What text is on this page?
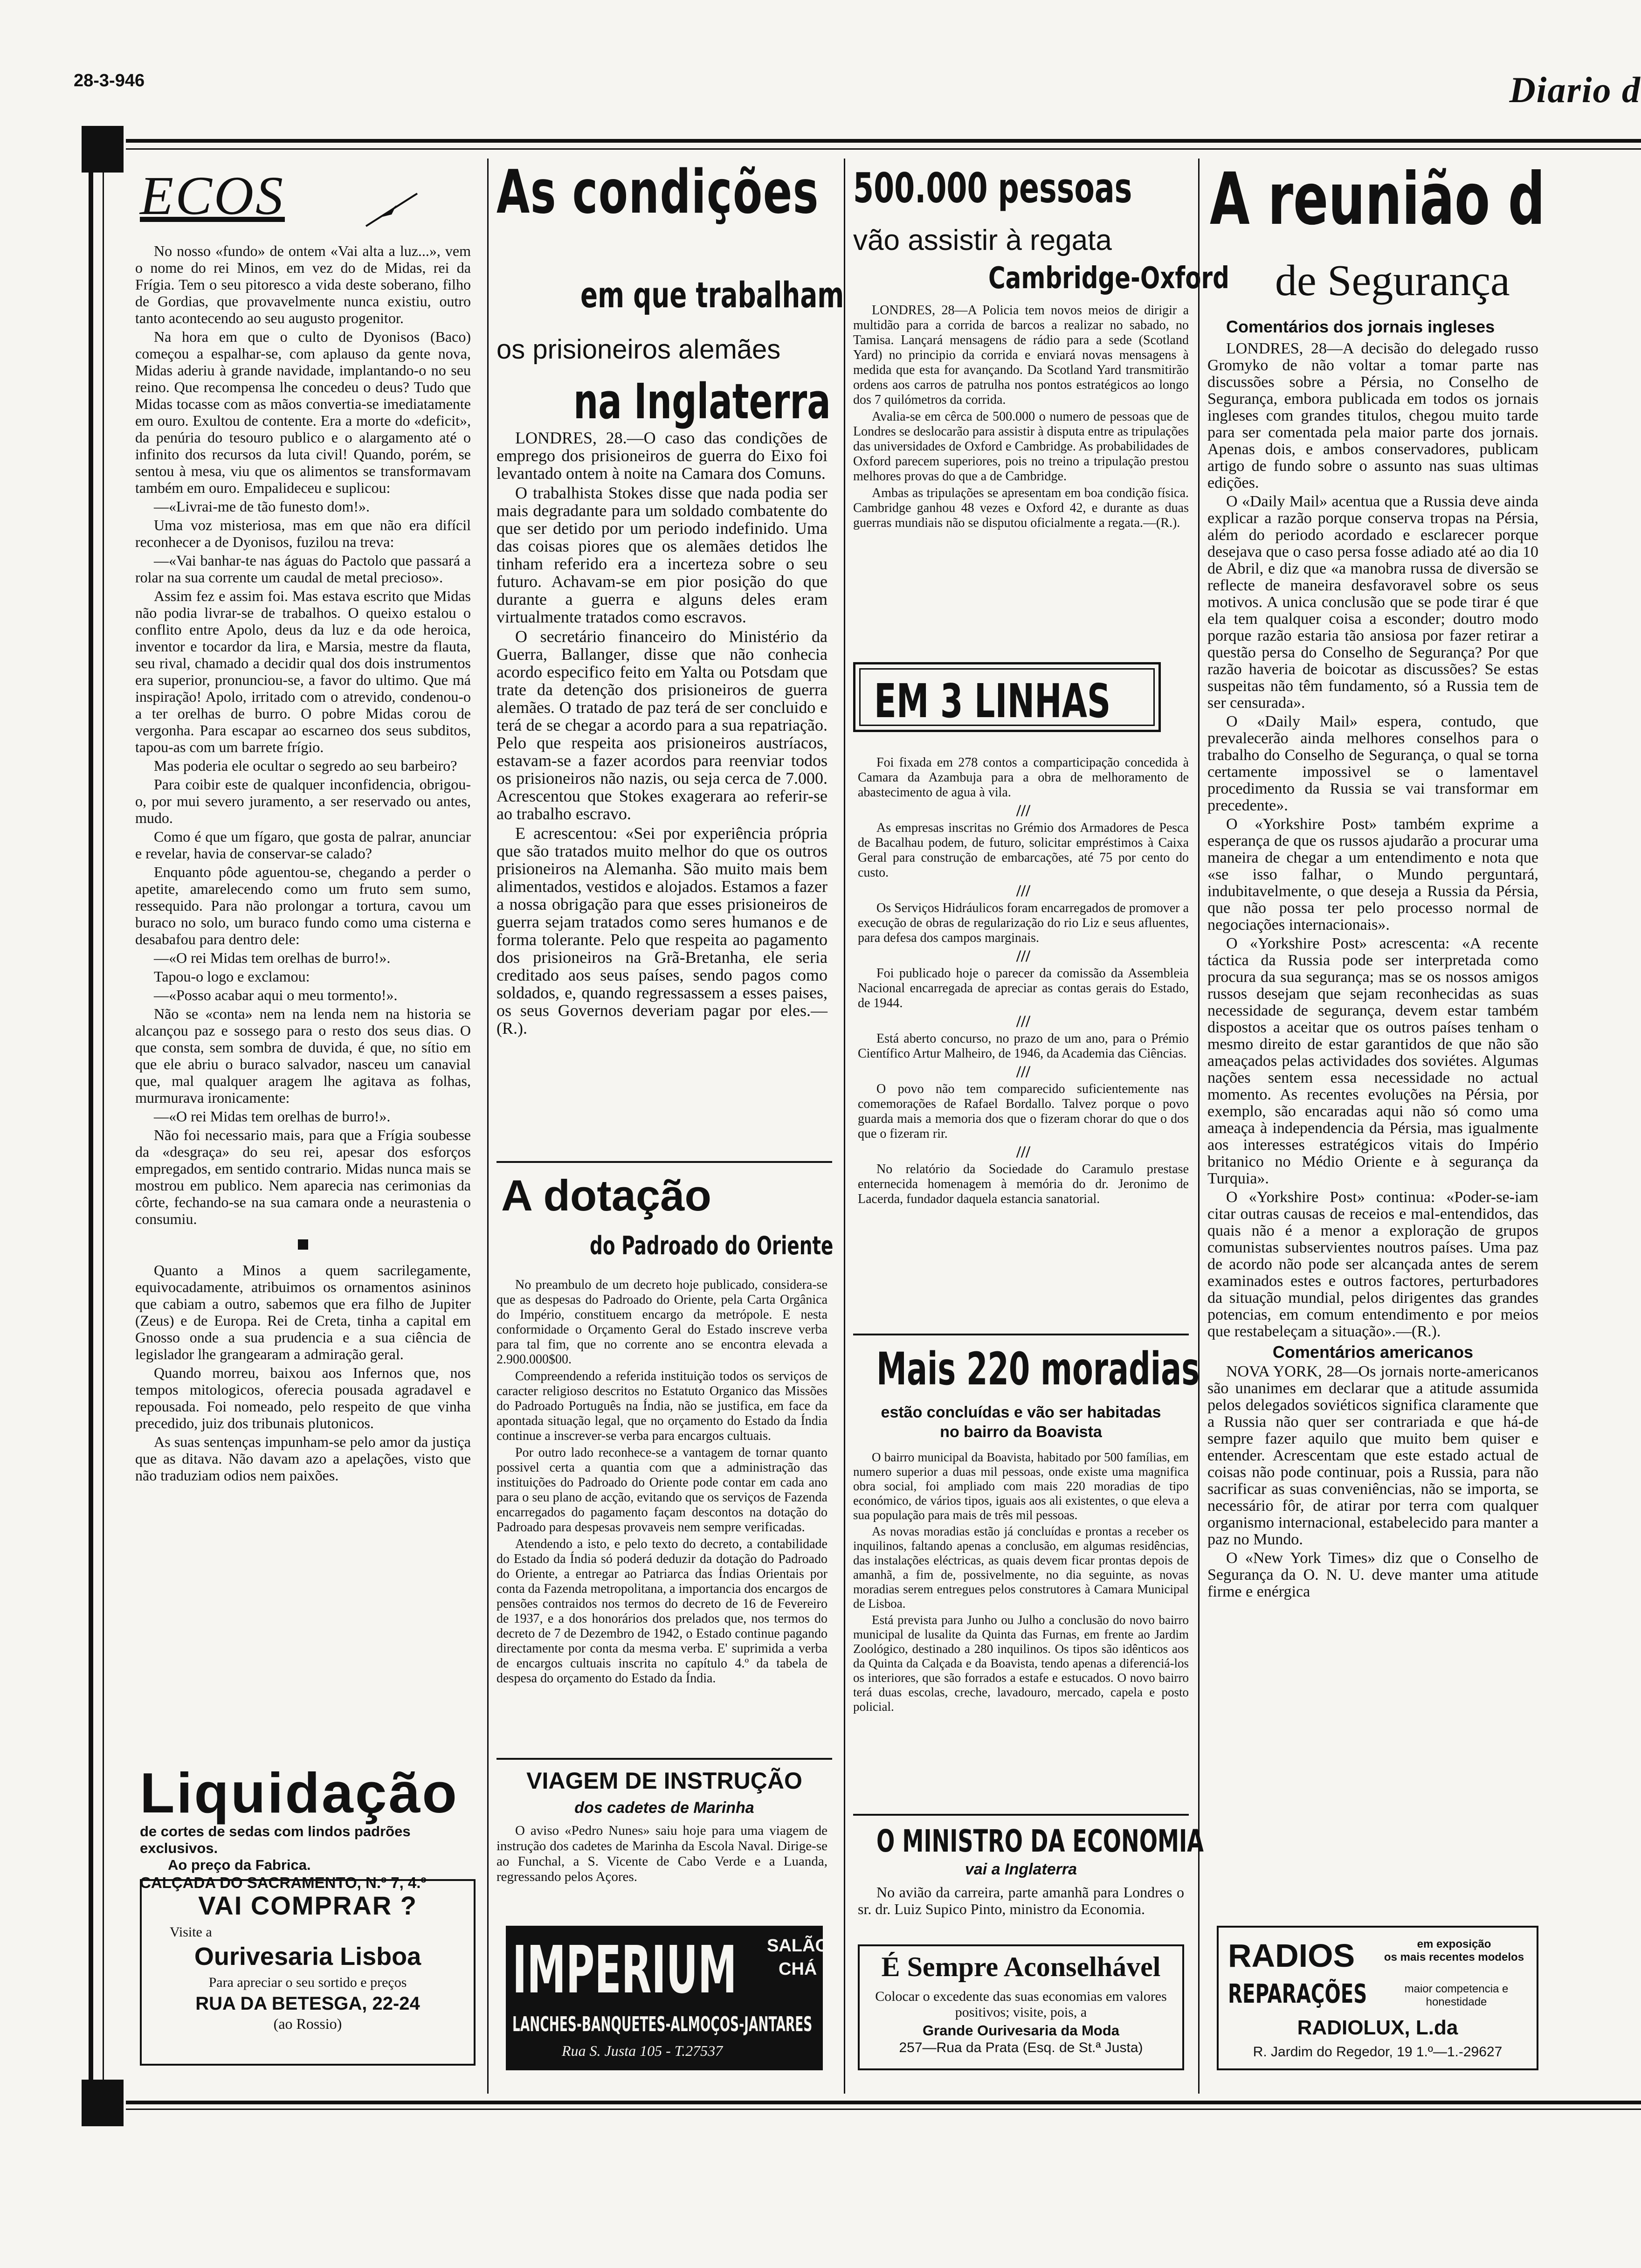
28-3-946	Diario d
ECOS

No nosso «fundo» de ontem «Vai alta a luz...», vem o nome do rei Minos, em vez do de Midas, rei da Frígia. Tem o seu pitoresco a vida deste soberano, filho de Gordias, que provavelmente nunca existiu, outro tanto acontecendo ao seu augusto progenitor.

Na hora em que o culto de Dyonisos (Baco) começou a espalhar-se, com aplauso da gente nova, Midas aderiu à grande navidade, implantando-o no seu reino. Que recompensa lhe concedeu o deus? Tudo que Midas tocasse com as mãos convertia-se imediatamente em ouro. Exultou de contente. Era a morte do «deficit», da penúria do tesouro publico e o alargamento até o infinito dos recursos da luta civil! Quando, porém, se sentou à mesa, viu que os alimentos se transformavam também em ouro. Empalideceu e suplicou:

—«Livrai-me de tão funesto dom!».

Uma voz misteriosa, mas em que não era difícil reconhecer a de Dyonisos, fuzilou na treva:

—«Vai banhar-te nas águas do Pactolo que passará a rolar na sua corrente um caudal de metal precioso».

Assim fez e assim foi. Mas estava escrito que Midas não podia livrar-se de trabalhos. O queixo estalou o conflito entre Apolo, deus da luz e da ode heroica, inventor e tocardor da lira, e Marsia, mestre da flauta, seu rival, chamado a decidir qual dos dois instrumentos era superior, pronunciou-se, a favor do ultimo. Que má inspiração! Apolo, irritado com o atrevido, condenou-o a ter orelhas de burro. O pobre Midas corou de vergonha. Para escapar ao escarneo dos seus subditos, tapou-as com um barrete frígio.

Mas poderia ele ocultar o segredo ao seu barbeiro?

Para coibir este de qualquer inconfidencia, obrigou-o, por mui severo juramento, a ser reservado ou antes, mudo.

Como é que um fígaro, que gosta de palrar, anunciar e revelar, havia de conservar-se calado?

Enquanto pôde aguentou-se, chegando a perder o apetite, amarelecendo como um fruto sem sumo, ressequido. Para não prolongar a tortura, cavou um buraco no solo, um buraco fundo como uma cisterna e desabafou para dentro dele:

—«O rei Midas tem orelhas de burro!».

Tapou-o logo e exclamou:

—«Posso acabar aqui o meu tormento!».

Não se «conta» nem na lenda nem na historia se alcançou paz e sossego para o resto dos seus dias. O que consta, sem sombra de duvida, é que, no sítio em que ele abriu o buraco salvador, nasceu um canavial que, mal qualquer aragem lhe agitava as folhas, murmurava ironicamente:

—«O rei Midas tem orelhas de burro!».

Não foi necessario mais, para que a Frígia soubesse da «desgraça» do seu rei, apesar dos esforços empregados, em sentido contrario. Midas nunca mais se mostrou em publico. Nem aparecia nas cerimonias da côrte, fechando-se na sua camara onde a neurastenia o consumiu.

Quanto a Minos a quem sacrilegamente, equivocadamente, atribuimos os ornamentos asininos que cabiam a outro, sabemos que era filho de Jupiter (Zeus) e de Europa. Rei de Creta, tinha a capital em Gnosso onde a sua prudencia e a sua ciência de legislador lhe grangearam a admiração geral.

Quando morreu, baixou aos Infernos que, nos tempos mitologicos, oferecia pousada agradavel e repousada. Foi nomeado, pelo respeito de que vinha precedido, juiz dos tribunais plutonicos.

As suas sentenças impunham-se pelo amor da justiça que as ditava. Não davam azo a apelações, visto que não traduziam odios nem paixões.

Liquidação
de cortes de sedas com lindos padrões exclusivos.
Ao preço da Fabrica.
CALÇADA DO SACRAMENTO, N.º 7, 4.º
VAI COMPRAR ?
Visite a
Ourivesaria Lisboa
Para apreciar o seu sortido e preços
RUA DA BETESGA, 22-24
(ao Rossio)
As condições
em que trabalham
os prisioneiros alemães
na Inglaterra

LONDRES, 28.—O caso das condições de emprego dos prisioneiros de guerra do Eixo foi levantado ontem à noite na Camara dos Comuns.

O trabalhista Stokes disse que nada podia ser mais degradante para um soldado combatente do que ser detido por um periodo indefinido. Uma das coisas piores que os alemães detidos lhe tinham referido era a incerteza sobre o seu futuro. Achavam-se em pior posição do que durante a guerra e alguns deles eram virtualmente tratados como escravos.

O secretário financeiro do Ministério da Guerra, Ballanger, disse que não conhecia acordo especifico feito em Yalta ou Potsdam que trate da detenção dos prisioneiros de guerra alemães. O tratado de paz terá de ser concluido e terá de se chegar a acordo para a sua repatriação. Pelo que respeita aos prisioneiros austríacos, estavam-se a fazer acordos para reenviar todos os prisioneiros não nazis, ou seja cerca de 7.000. Acrescentou que Stokes exagerara ao referir-se ao trabalho escravo.

E acrescentou: «Sei por experiência própria que são tratados muito melhor do que os outros prisioneiros na Alemanha. São muito mais bem alimentados, vestidos e alojados. Estamos a fazer a nossa obrigação para que esses prisioneiros de guerra sejam tratados como seres humanos e de forma tolerante. Pelo que respeita ao pagamento dos prisioneiros na Grã-Bretanha, ele seria creditado aos seus países, sendo pagos como soldados, e, quando regressassem a esses paises, os seus Governos deveriam pagar por eles.—(R.).

A dotação
do Padroado do Oriente

No preambulo de um decreto hoje publicado, considera-se que as despesas do Padroado do Oriente, pela Carta Orgânica do Império, constituem encargo da metrópole. E nesta conformidade o Orçamento Geral do Estado inscreve verba para tal fim, que no corrente ano se encontra elevada a 2.900.000$00.

Compreendendo a referida instituição todos os serviços de caracter religioso descritos no Estatuto Organico das Missões do Padroado Português na Índia, não se justifica, em face da apontada situação legal, que no orçamento do Estado da Índia continue a inscrever-se verba para encargos cultuais.

Por outro lado reconhece-se a vantagem de tornar quanto possivel certa a quantia com que a administração das instituições do Padroado do Oriente pode contar em cada ano para o seu plano de acção, evitando que os serviços de Fazenda encarregados do pagamento façam descontos na dotação do Padroado para despesas provaveis nem sempre verificadas.

Atendendo a isto, e pelo texto do decreto, a contabilidade do Estado da Índia só poderá deduzir da dotação do Padroado do Oriente, a entregar ao Patriarca das Índias Orientais por conta da Fazenda metropolitana, a importancia dos encargos de pensões contraidos nos termos do decreto de 16 de Fevereiro de 1937, e a dos honorários dos prelados que, nos termos do decreto de 7 de Dezembro de 1942, o Estado continue pagando directamente por conta da mesma verba. E' suprimida a verba de encargos cultuais inscrita no capítulo 4.º da tabela de despesa do orçamento do Estado da Índia.

VIAGEM DE INSTRUÇÃO
dos cadetes de Marinha

O aviso «Pedro Nunes» saiu hoje para uma viagem de instrução dos cadetes de Marinha da Escola Naval. Dirige-se ao Funchal, a S. Vicente de Cabo Verde e a Luanda, regressando pelos Açores.

IMPERIUM SALÃO
CHÁ
LANCHES-BANQUETES-ALMOÇOS-JANTARES
Rua S. Justa 105 - T.27537
500.000 pessoas
vão assistir à regata
Cambridge-Oxford

LONDRES, 28—A Policia tem novos meios de dirigir a multidão para a corrida de barcos a realizar no sabado, no Tamisa. Lançará mensagens de rádio para a sede (Scotland Yard) no principio da corrida e enviará novas mensagens à medida que esta for avançando. Da Scotland Yard transmitirão ordens aos carros de patrulha nos pontos estratégicos ao longo dos 7 quilómetros da corrida.

Avalia-se em cêrca de 500.000 o numero de pessoas que de Londres se deslocarão para assistir à disputa entre as tripulações das universidades de Oxford e Cambridge. As probabilidades de Oxford parecem superiores, pois no treino a tripulação prestou melhores provas do que a de Cambridge.

Ambas as tripulações se apresentam em boa condição física. Cambridge ganhou 48 vezes e Oxford 42, e durante as duas guerras mundiais não se disputou oficialmente a regata.—(R.).

EM 3 LINHAS

Foi fixada em 278 contos a comparticipação concedida à Camara da Azambuja para a obra de melhoramento de abastecimento de agua à vila.

///

As empresas inscritas no Grémio dos Armadores de Pesca de Bacalhau podem, de futuro, solicitar empréstimos à Caixa Geral para construção de embarcações, até 75 por cento do custo.

///

Os Serviços Hidráulicos foram encarregados de promover a execução de obras de regularização do rio Liz e seus afluentes, para defesa dos campos marginais.

///

Foi publicado hoje o parecer da comissão da Assembleia Nacional encarregada de apreciar as contas gerais do Estado, de 1944.

///

Está aberto concurso, no prazo de um ano, para o Prémio Científico Artur Malheiro, de 1946, da Academia das Ciências.

///

O povo não tem comparecido suficientemente nas comemorações de Rafael Bordallo. Talvez porque o povo guarda mais a memoria dos que o fizeram chorar do que o dos que o fizeram rir.

///

No relatório da Sociedade do Caramulo prestase enternecida homenagem à memória do dr. Jeronimo de Lacerda, fundador daquela estancia sanatorial.

Mais 220 moradias
estão concluídas e vão ser habitadas
no bairro da Boavista

O bairro municipal da Boavista, habitado por 500 famílias, em numero superior a duas mil pessoas, onde existe uma magnifica obra social, foi ampliado com mais 220 moradias de tipo económico, de vários tipos, iguais aos ali existentes, o que eleva a sua população para mais de três mil pessoas.

As novas moradias estão já concluídas e prontas a receber os inquilinos, faltando apenas a conclusão, em algumas residências, das instalações eléctricas, as quais devem ficar prontas depois de amanhã, a fim de, possivelmente, no dia seguinte, as novas moradias serem entregues pelos construtores à Camara Municipal de Lisboa.

Está prevista para Junho ou Julho a conclusão do novo bairro municipal de lusalite da Quinta das Furnas, em frente ao Jardim Zoológico, destinado a 280 inquilinos. Os tipos são idênticos aos da Quinta da Calçada e da Boavista, tendo apenas a diferenciá-los os interiores, que são forrados a estafe e estucados. O novo bairro terá duas escolas, creche, lavadouro, mercado, capela e posto policial.

O MINISTRO DA ECONOMIA
vai a Inglaterra

No avião da carreira, parte amanhã para Londres o sr. dr. Luiz Supico Pinto, ministro da Economia.

É Sempre Aconselhável
Colocar o excedente das suas economias em valores positivos; visite, pois, a
Grande Ourivesaria da Moda
257—Rua da Prata (Esq. de St.ª Justa)
A reunião d
de Segurança
Comentários dos jornais ingleses

LONDRES, 28—A decisão do delegado russo Gromyko de não voltar a tomar parte nas discussões sobre a Pérsia, no Conselho de Segurança, embora publicada em todos os jornais ingleses com grandes titulos, chegou muito tarde para ser comentada pela maior parte dos jornais. Apenas dois, e ambos conservadores, publicam artigo de fundo sobre o assunto nas suas ultimas edições.

O «Daily Mail» acentua que a Russia deve ainda explicar a razão porque conserva tropas na Pérsia, além do periodo acordado e esclarecer porque desejava que o caso persa fosse adiado até ao dia 10 de Abril, e diz que «a manobra russa de diversão se reflecte de maneira desfavoravel sobre os seus motivos. A unica conclusão que se pode tirar é que ela tem qualquer coisa a esconder; doutro modo porque razão estaria tão ansiosa por fazer retirar a questão persa do Conselho de Segurança? Por que razão haveria de boicotar as discussões? Se estas suspeitas não têm fundamento, só a Russia tem de ser censurada».

O «Daily Mail» espera, contudo, que prevalecerão ainda melhores conselhos para o trabalho do Conselho de Segurança, o qual se torna certamente impossivel se o lamentavel procedimento da Russia se vai transformar em precedente».

O «Yorkshire Post» também exprime a esperança de que os russos ajudarão a procurar uma maneira de chegar a um entendimento e nota que «se isso falhar, o Mundo perguntará, indubitavelmente, o que deseja a Russia da Pérsia, que não possa ter pelo processo normal de negociações internacionais».

O «Yorkshire Post» acrescenta: «A recente táctica da Russia pode ser interpretada como procura da sua segurança; mas se os nossos amigos russos desejam que sejam reconhecidas as suas necessidade de segurança, devem estar também dispostos a aceitar que os outros países tenham o mesmo direito de estar garantidos de que não são ameaçados pelas actividades dos soviétes. Algumas nações sentem essa necessidade no actual momento. As recentes evoluções na Pérsia, por exemplo, são encaradas aqui não só como uma ameaça à independencia da Pérsia, mas igualmente aos interesses estratégicos vitais do Império britanico no Médio Oriente e à segurança da Turquia».

O «Yorkshire Post» continua: «Poder-se-iam citar outras causas de receios e mal-entendidos, das quais não é a menor a exploração de grupos comunistas subservientes noutros países. Uma paz de acordo não pode ser alcançada antes de serem examinados estes e outros factores, perturbadores da situação mundial, pelos dirigentes das grandes potencias, em comum entendimento e por meios que restabeleçam a situação».—(R.).

Comentários americanos

NOVA YORK, 28—Os jornais norte-americanos são unanimes em declarar que a atitude assumida pelos delegados soviéticos significa claramente que a Russia não quer ser contrariada e que há-de sempre fazer aquilo que muito bem quiser e entender. Acrescentam que este estado actual de coisas não pode continuar, pois a Russia, para não sacrificar as suas conveniências, não se importa, se necessário fôr, de atirar por terra com qualquer organismo internacional, estabelecido para manter a paz no Mundo.

O «New York Times» diz que o Conselho de Segurança da O. N. U. deve manter uma atitude firme e enérgica

RADIOS	em exposição
os mais recentes modelos
REPARAÇÕES	maior competencia e
honestidade
RADIOLUX, L.da
R. Jardim do Regedor, 19 1.º—1.-29627
